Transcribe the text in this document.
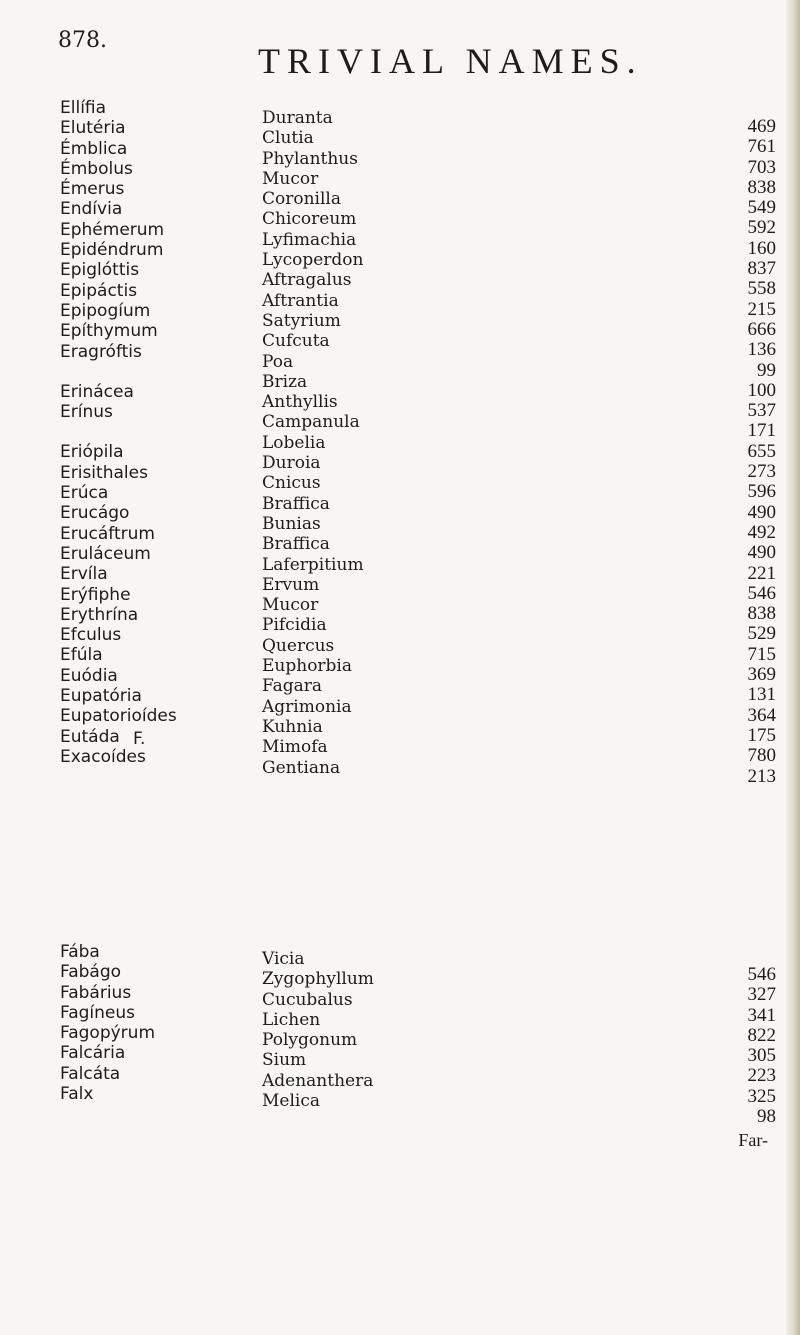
878.
TRIVIAL NAMES.
Ellífia
Elutéria
Émblica
Émbolus
Émerus
Endívia
Ephémerum
Epidéndrum
Epiglóttis
Epipáctis
Epipogíum
Epíthymum
Eragróftis
Erinácea
Erínus
Eriópila
Erisithales
Erúca
Erucágo
Erucáftrum
Eruláceum
Ervíla
Erýfiphe
Erythrína
Efculus
Efúla
Euódia
Eupatória
Eupatorioídes
Eutáda
Exacoídes
Duranta
Clutia
Phylanthus
Mucor
Coronilla
Chicoreum
Lyfimachia
Lycoperdon
Aftragalus
Aftrantia
Satyrium
Cufcuta
Poa
Briza
Anthyllis
Campanula
Lobelia
Duroia
Cnicus
Braffica
Bunias
Braffica
Laferpitium
Ervum
Mucor
Pifcidia
Quercus
Euphorbia
Fagara
Agrimonia
Kuhnia
Mimofa
Gentiana
469
761
703
838
549
592
160
837
558
215
666
136
99
100
537
171
655
273
596
490
492
490
221
546
838
529
715
369
131
364
175
780
213
F.
Fába
Fabágo
Fabárius
Fagíneus
Fagopýrum
Falcária
Falcáta
Falx
Vicia
Zygophyllum
Cucubalus
Lichen
Polygonum
Sium
Adenanthera
Melica
546
327
341
822
305
223
325
98
Far-
